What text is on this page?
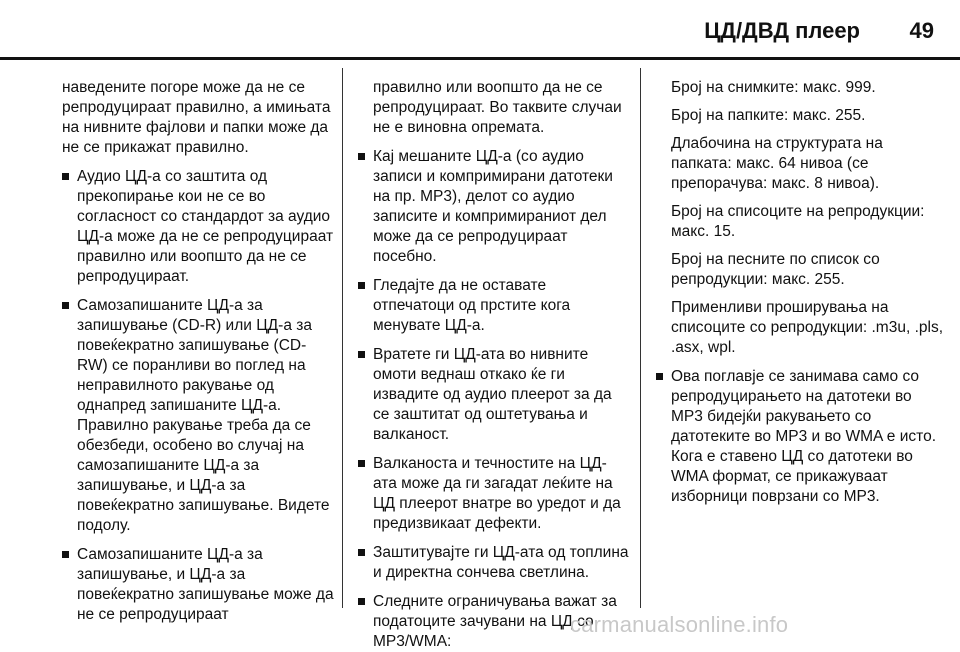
ЦД/ДВД плеер	49

наведените погоре може да не се репродуцираат правилно, а имињата на нивните фајлови и папки може да не се прикажат правилно.

Аудио ЦД-а со заштита од прекопирање кои не се во согласност со стандардот за аудио ЦД-а може да не се репродуцираат правилно или воопшто да не се репродуцираат.

Самозапишаните ЦД-а за запишување (CD-R) или ЦД-а за повеќекратно запишување (CD-RW) се поранливи во поглед на неправилното ракување од однапред запишаните ЦД-а. Правилно ракување треба да се обезбеди, особено во случај на самозапишаните ЦД-а за запишување, и ЦД-а за повеќекратно запишување. Видете подолу.

Самозапишаните ЦД-а за запишување, и ЦД-а за повеќекратно запишување може да не се репродуцираат

правилно или воопшто да не се репродуцираат. Во таквите случаи не е виновна опремата.

Кај мешаните ЦД-а (со аудио записи и компримирани датотеки на пр. MP3), делот со аудио записите и компримираниот дел може да се репродуцираат посебно.

Гледајте да не оставате отпечатоци од прстите кога менувате ЦД-а.

Вратете ги ЦД-ата во нивните омоти веднаш откако ќе ги извадите од аудио плеерот за да се заштитат од оштетувања и валканост.

Валканоста и течностите на ЦД-ата може да ги загадат леќите на ЦД плеерот внатре во уредот и да предизвикаат дефекти.

Заштитувајте ги ЦД-ата од топлина и директна сончева светлина.

Следните ограничувања важат за податоците зачувани на ЦД со MP3/WMA:

Број на снимките: макс. 999.

Број на папките: макс. 255.

Длабочина на структурата на папката: макс. 64 нивоа (се препорачува: макс. 8 нивоа).

Број на списоците на репродукции: макс. 15.

Број на песните по список со репродукции: макс. 255.

Применливи проширувања на списоците со репродукции: .m3u, .pls, .asx, wpl.

Ова поглавје се занимава само со репродуцирањето на датотеки во MP3 бидејќи ракувањето со датотеките во MP3 и во WMA е исто. Кога е ставено ЦД со датотеки во WMA формат, се прикажуваат изборници поврзани со MP3.

carmanualsonline.info
